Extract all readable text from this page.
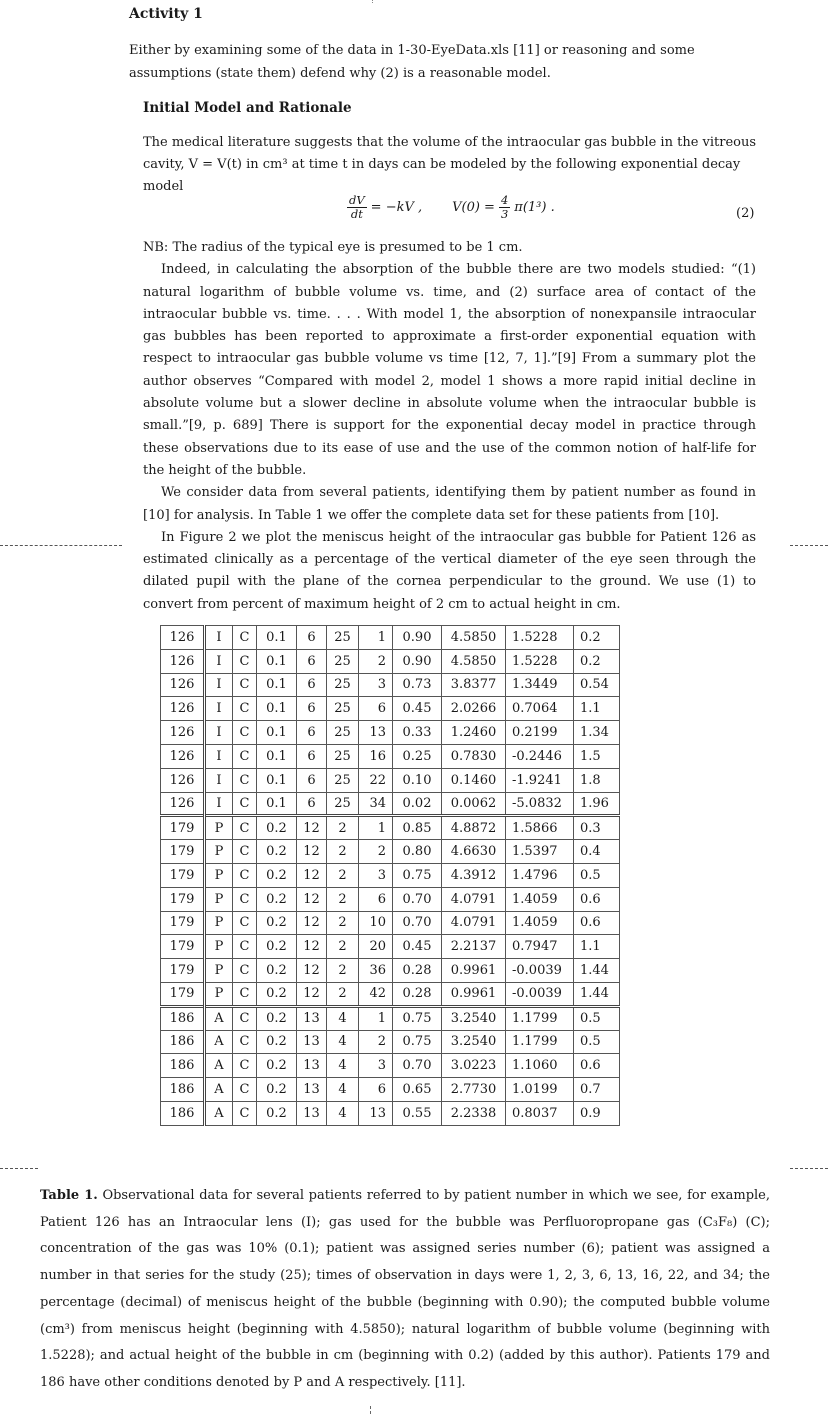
Activity 1
Either by examining some of the data in 1-30-EyeData.xls [11] or reasoning and some assumptions (state them) defend why (2) is a reasonable model.
Initial Model and Rationale
The medical literature suggests that the volume of the intraocular gas bubble in the vitreous cavity, V = V(t) in cm³ at time t in days can be modeled by the following exponential decay model
$\frac{dV}{dt} = -kV$ , $V(0) = \frac{4}{3} \pi(1^3)$ .	(2)

NB: The radius of the typical eye is presumed to be 1 cm.

Indeed, in calculating the absorption of the bubble there are two models studied: “(1) natural logarithm of bubble volume vs. time, and (2) surface area of contact of the intraocular bubble vs. time. . . . With model 1, the absorption of nonexpansile intraocular gas bubbles has been reported to approximate a first-order exponential equation with respect to intraocular gas bubble volume vs time [12, 7, 1].”[9] From a summary plot the author observes “Compared with model 2, model 1 shows a more rapid initial decline in absolute volume but a slower decline in absolute volume when the intraocular bubble is small.”[9, p. 689] There is support for the exponential decay model in practice through these observations due to its ease of use and the use of the common notion of half-life for the height of the bubble.

We consider data from several patients, identifying them by patient number as found in [10] for analysis. In Table 1 we offer the complete data set for these patients from [10].

In Figure 2 we plot the meniscus height of the intraocular gas bubble for Patient 126 as estimated clinically as a percentage of the vertical diameter of the eye seen through the dilated pupil with the plane of the cornea perpendicular to the ground. We use (1) to convert from percent of maximum height of 2 cm to actual height in cm.

126	I	C	0.1	6	25	1	0.90	4.5850	1.5228	0.2
126	I	C	0.1	6	25	2	0.90	4.5850	1.5228	0.2
126	I	C	0.1	6	25	3	0.73	3.8377	1.3449	0.54
126	I	C	0.1	6	25	6	0.45	2.0266	0.7064	1.1
126	I	C	0.1	6	25	13	0.33	1.2460	0.2199	1.34
126	I	C	0.1	6	25	16	0.25	0.7830	-0.2446	1.5
126	I	C	0.1	6	25	22	0.10	0.1460	-1.9241	1.8
126	I	C	0.1	6	25	34	0.02	0.0062	-5.0832	1.96
179	P	C	0.2	12	2	1	0.85	4.8872	1.5866	0.3
179	P	C	0.2	12	2	2	0.80	4.6630	1.5397	0.4
179	P	C	0.2	12	2	3	0.75	4.3912	1.4796	0.5
179	P	C	0.2	12	2	6	0.70	4.0791	1.4059	0.6
179	P	C	0.2	12	2	10	0.70	4.0791	1.4059	0.6
179	P	C	0.2	12	2	20	0.45	2.2137	0.7947	1.1
179	P	C	0.2	12	2	36	0.28	0.9961	-0.0039	1.44
179	P	C	0.2	12	2	42	0.28	0.9961	-0.0039	1.44
186	A	C	0.2	13	4	1	0.75	3.2540	1.1799	0.5
186	A	C	0.2	13	4	2	0.75	3.2540	1.1799	0.5
186	A	C	0.2	13	4	3	0.70	3.0223	1.1060	0.6
186	A	C	0.2	13	4	6	0.65	2.7730	1.0199	0.7
186	A	C	0.2	13	4	13	0.55	2.2338	0.8037	0.9
Table 1. Observational data for several patients referred to by patient number in which we see, for example, Patient 126 has an Intraocular lens (I); gas used for the bubble was Perfluoropropane gas (C₃F₈) (C); concentration of the gas was 10% (0.1); patient was assigned series number (6); patient was assigned a number in that series for the study (25); times of observation in days were 1, 2, 3, 6, 13, 16, 22, and 34; the percentage (decimal) of meniscus height of the bubble (beginning with 0.90); the computed bubble volume (cm³) from meniscus height (beginning with 4.5850); natural logarithm of bubble volume (beginning with 1.5228); and actual height of the bubble in cm (beginning with 0.2) (added by this author). Patients 179 and 186 have other conditions denoted by P and A respectively. [11].
